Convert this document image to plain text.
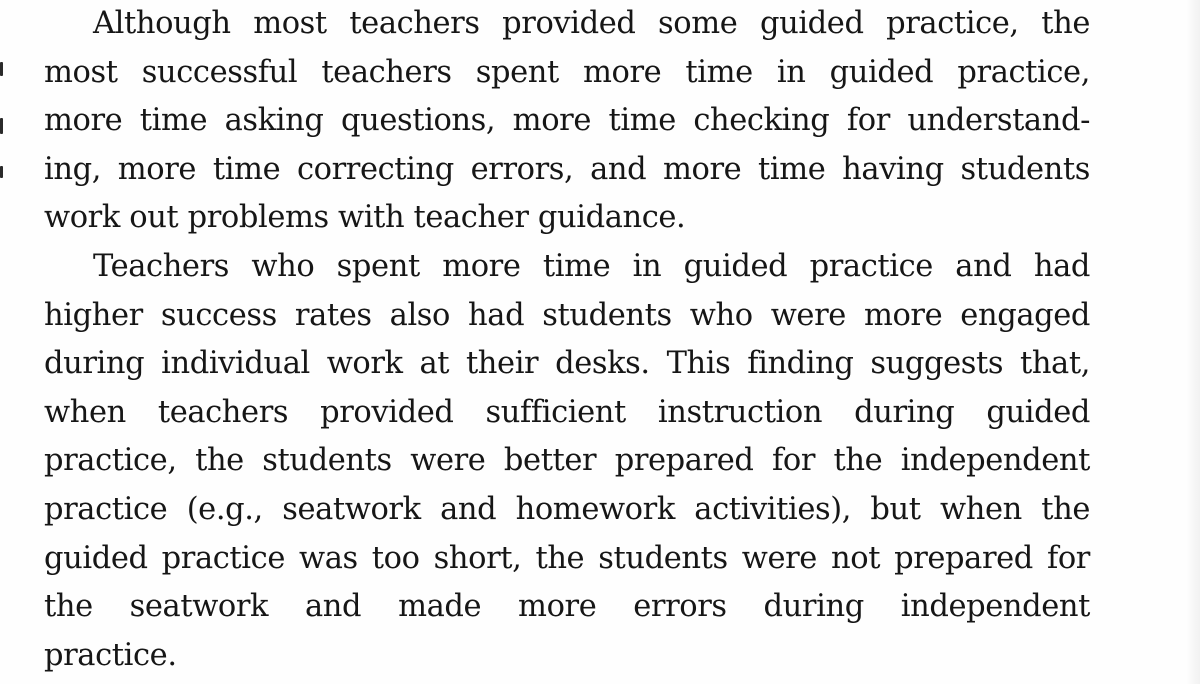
Although most teachers provided some guided practice, the
most successful teachers spent more time in guided practice,
more time asking questions, more time checking for understand-
ing, more time correcting errors, and more time having students
work out problems with teacher guidance.
Teachers who spent more time in guided practice and had
higher success rates also had students who were more engaged
during individual work at their desks. This finding suggests that,
when teachers provided sufficient instruction during guided
practice, the students were better prepared for the independent
practice (e.g., seatwork and homework activities), but when the
guided practice was too short, the students were not prepared for
the seatwork and made more errors during independent
practice.
